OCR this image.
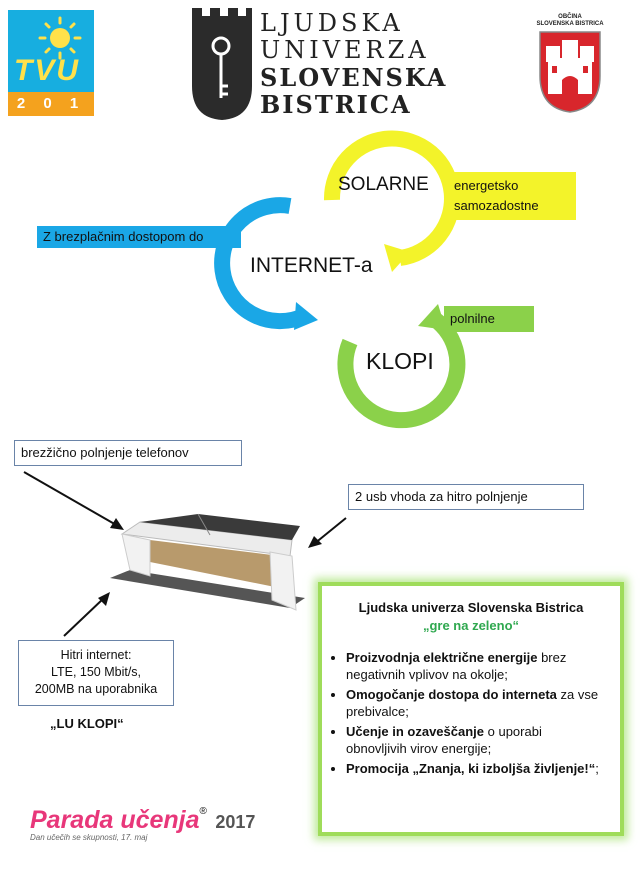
TVU
2 0 1 7
LJUDSKA
UNIVERZA
SLOVENSKA
BISTRICA
OBČINA
SLOVENSKA BISTRICA
energetsko
samozadostne
Z brezplačnim dostopom do
polnilne
SOLARNE
INTERNET-a
KLOPI
brezžično polnjenje telefonov
2 usb vhoda za hitro polnjenje
Hitri internet:
LTE, 150 Mbit/s,
200MB na uporabnika
„LU KLOPI“
Ljudska univerza Slovenska Bistrica
„gre na zeleno“
• Proizvodnja električne energije brez negativnih vplivov na okolje;
• Omogočanje dostopa do interneta za vse prebivalce;
• Učenje in ozaveščanje o uporabi obnovljivih virov energije;
• Promocija „Znanja, ki izboljša življenje!“;
Parada učenja® 2017
Dan učečih se skupnosti, 17. maj
